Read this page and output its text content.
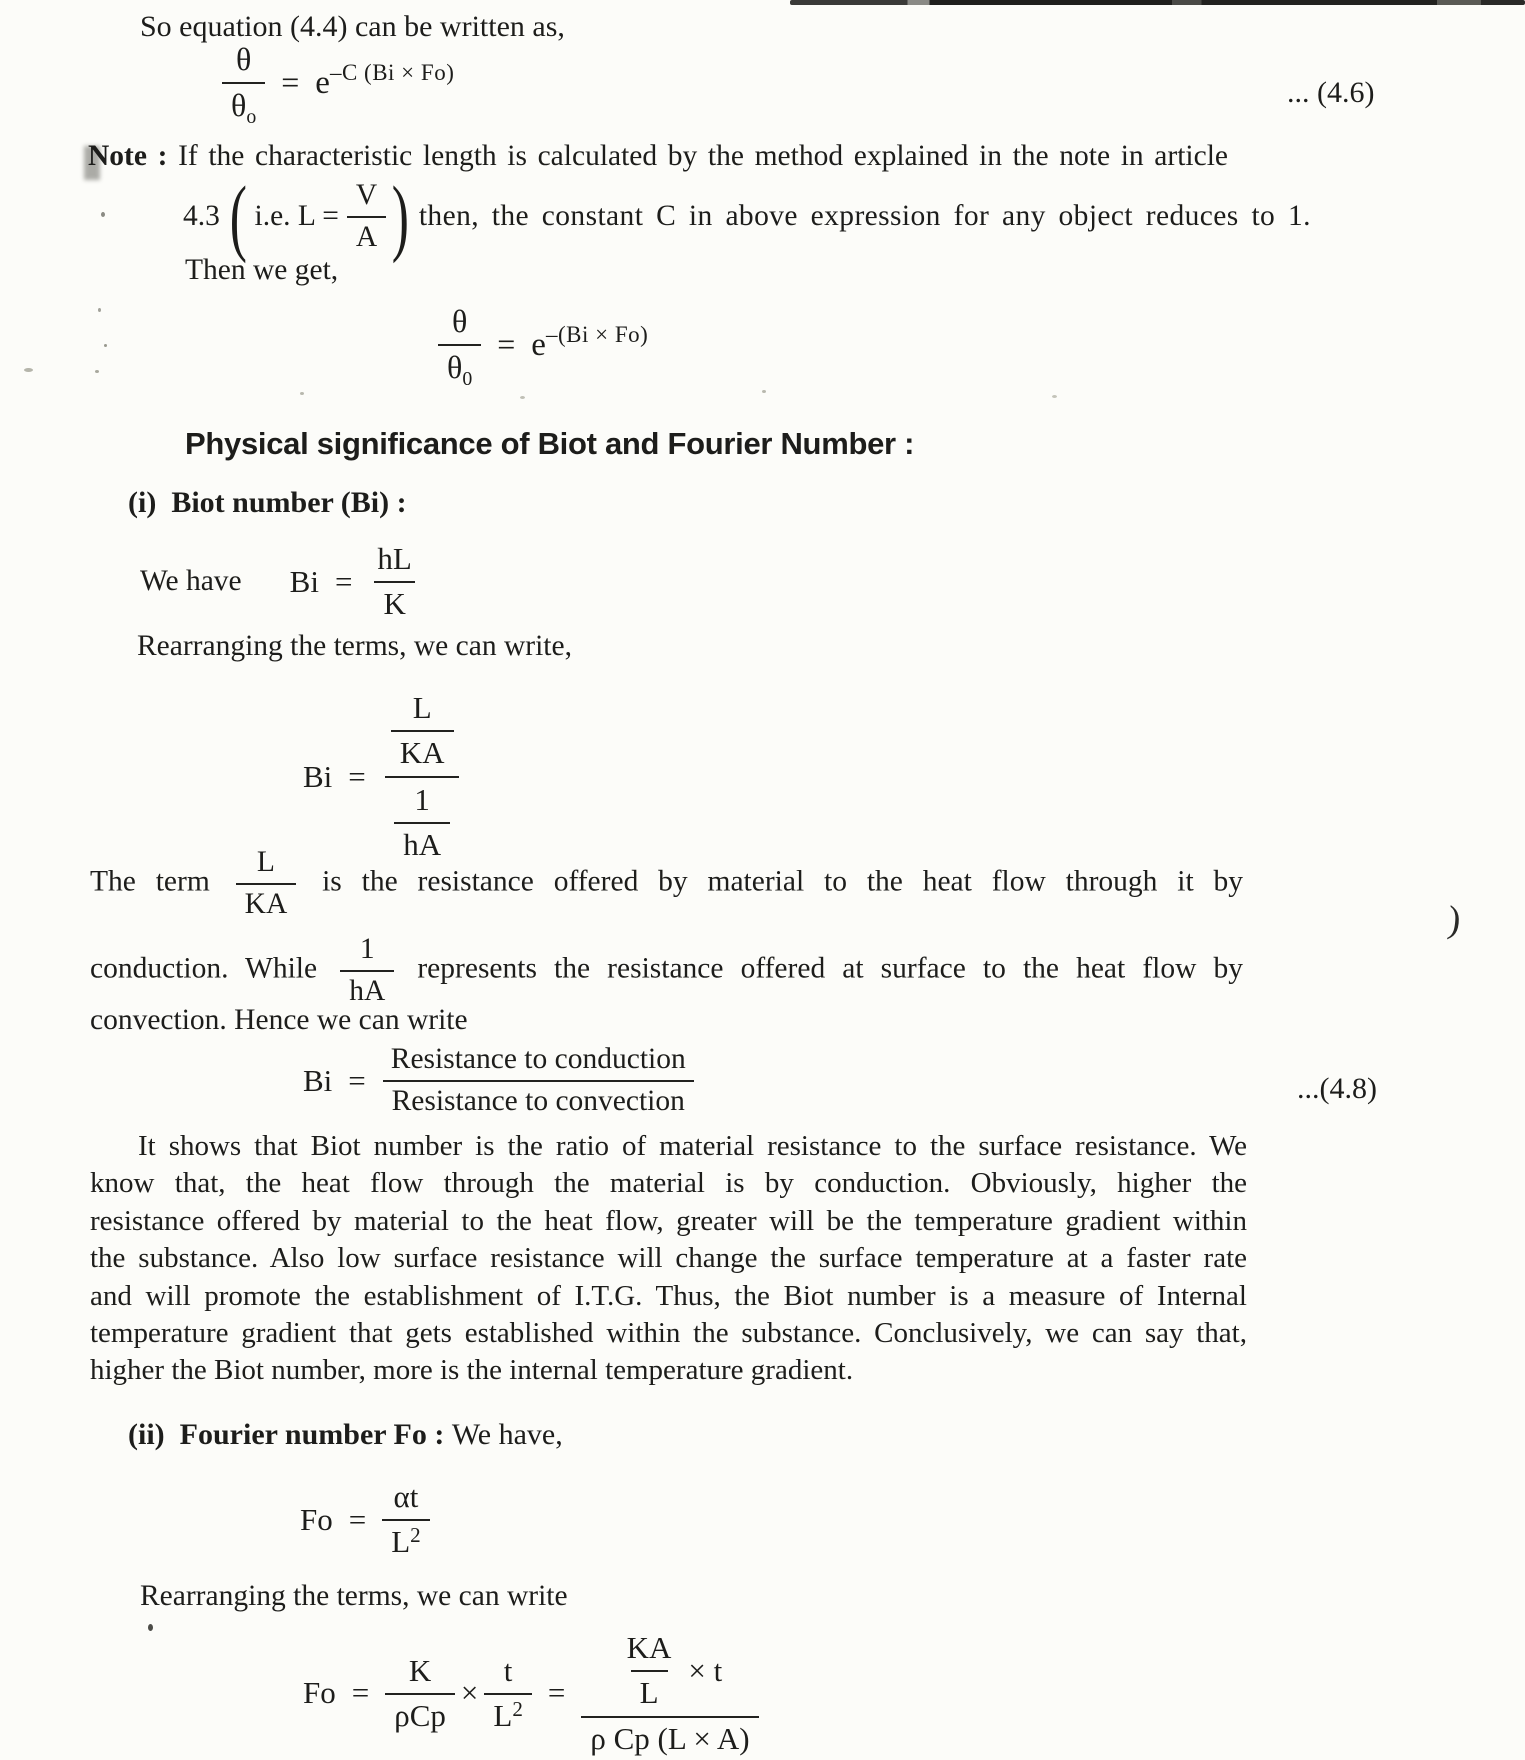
)
So equation (4.4) can be written as,
$\frac{\theta}{\theta o} = e-C$ (Bi × Fo)
... (4.6)
Note : If the characteristic length is calculated by the method explained in the note in article
4.3 ( i.e. $L = \frac{V}{A}$ ) then, the constant C in above expression for any object reduces to 1.
Then we get,
$\frac{\theta}{\theta 0} = e-(Bi \times Fo)$
Physical significance of Biot and Fourier Number :
(i) Biot number (Bi) :
We have $Bi = \frac{hL}{K}$
Rearranging the terms, we can write,
$Bi = \frac{\frac{L}{KA}}{\frac{1}{hA}}$
The term $\frac{L}{KA}$ is the resistance offered by material to the heat flow through it by
conduction. While $\frac{1}{hA}$ represents the resistance offered at surface to the heat flow by
convection. Hence we can write
$Bi = \frac{\text{Resistance to conduction}}{\text{Resistance to convection}}$	...(4.8)
It shows that Biot number is the ratio of material resistance to the surface resistance. We
know that, the heat flow through the material is by conduction. Obviously, higher the
resistance offered by material to the heat flow, greater will be the temperature gradient within
the substance. Also low surface resistance will change the surface temperature at a faster rate
and will promote the establishment of I.T.G. Thus, the Biot number is a measure of Internal
temperature gradient that gets established within the substance. Conclusively, we can say that,
higher the Biot number, more is the internal temperature gradient.
(ii) Fourier number Fo : We have,
$Fo = \frac{\alpha t}{L2}$
Rearranging the terms, we can write
$Fo = \frac{K}{\text{ρCp}} \times \frac{t}{L2} = \frac{\frac{KA}{L} \times t}{\text{ρ Cp (L × A)}}$
